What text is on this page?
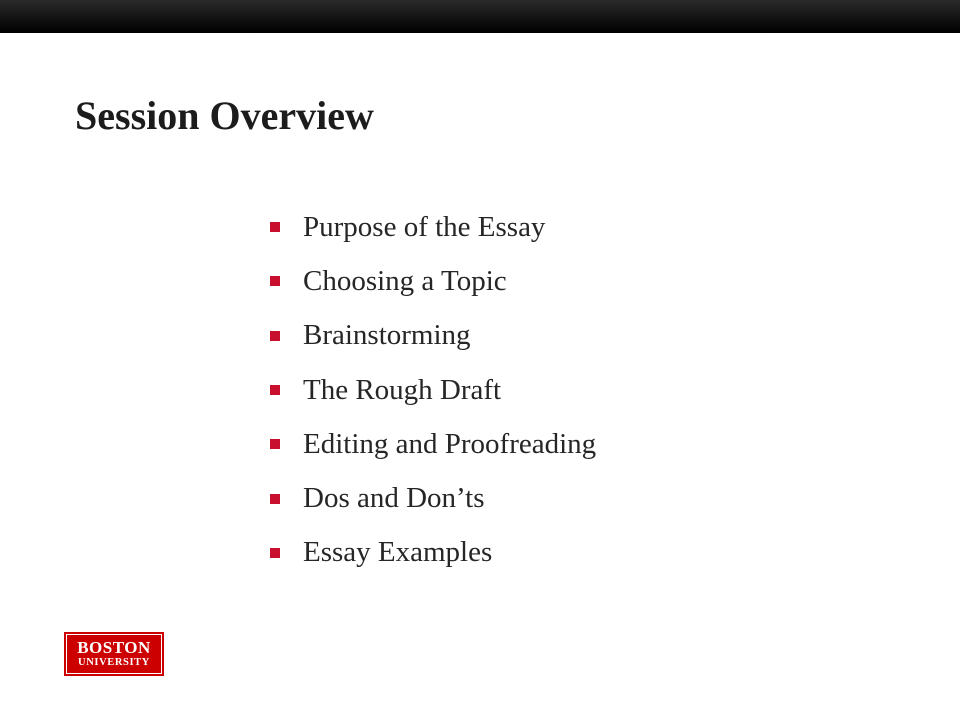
Session Overview
Purpose of the Essay
Choosing a Topic
Brainstorming
The Rough Draft
Editing and Proofreading
Dos and Don’ts
Essay Examples
BOSTON
UNIVERSITY
